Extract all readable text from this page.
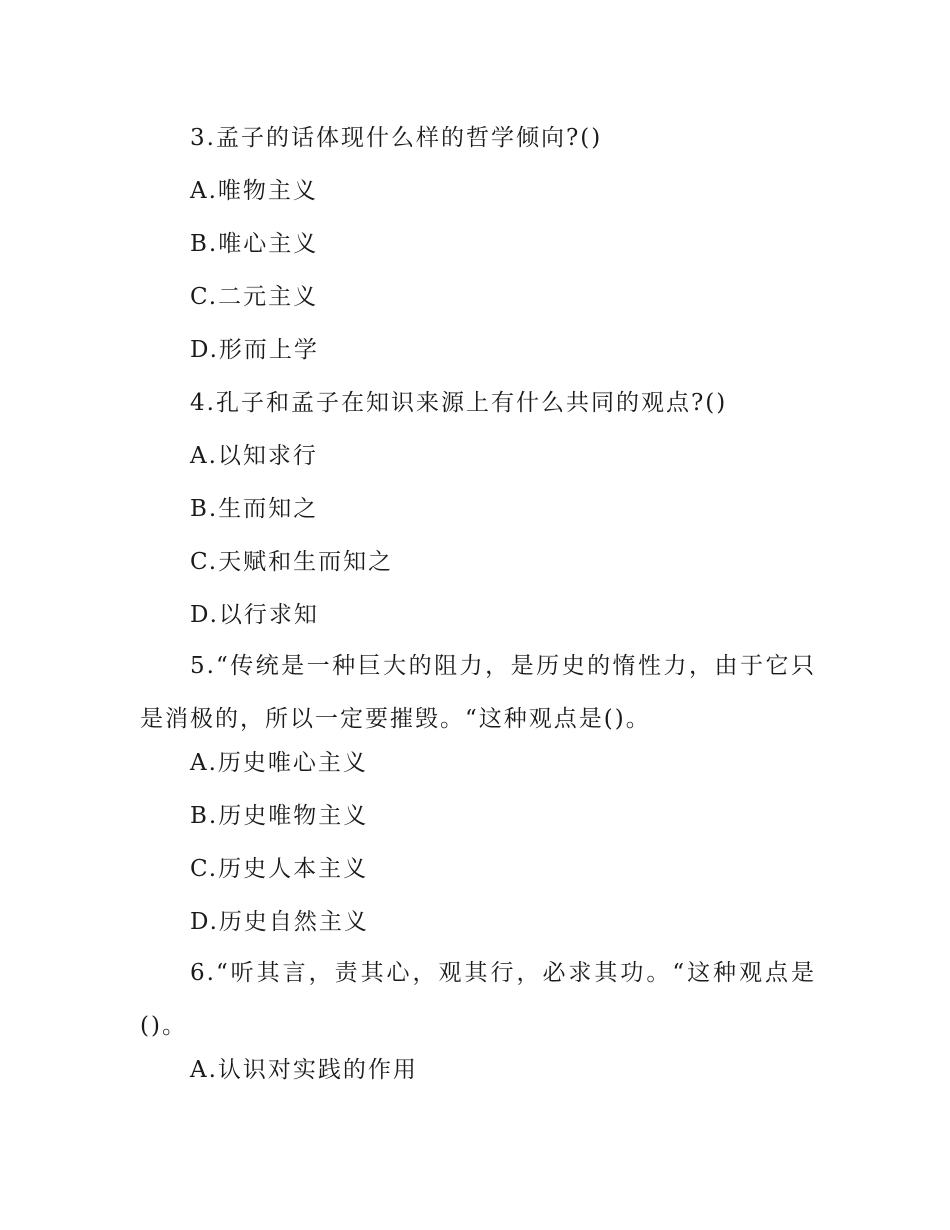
3.孟子的话体现什么样的哲学倾向?()
A.唯物主义
B.唯心主义
C.二元主义
D.形而上学
4.孔子和孟子在知识来源上有什么共同的观点?()
A.以知求行
B.生而知之
C.天赋和生而知之
D.以行求知

5.“传统是一种巨大的阻力，是历史的惰性力，由于它只是消极的，所以一定要摧毁。“这种观点是()。

A.历史唯心主义
B.历史唯物主义
C.历史人本主义
D.历史自然主义

6.“听其言，责其心，观其行，必求其功。“这种观点是()。

A.认识对实践的作用
